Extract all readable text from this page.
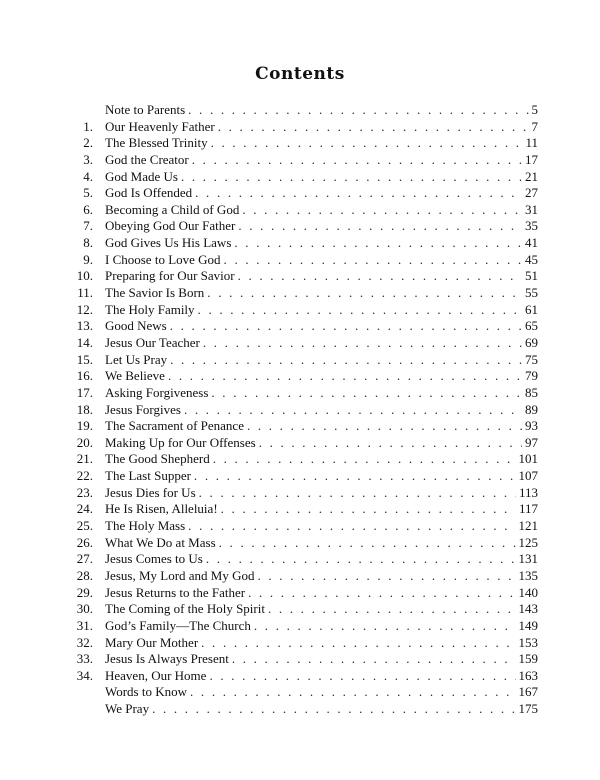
Contents
Note to Parents . . .	5
1. Our Heavenly Father . . .	7
2. The Blessed Trinity . . .	11
3. God the Creator . . .	17
4. God Made Us . . .	21
5. God Is Offended . . .	27
6. Becoming a Child of God . . .	31
7. Obeying God Our Father . . .	35
8. God Gives Us His Laws . . .	41
9. I Choose to Love God . . .	45
10. Preparing for Our Savior . . .	51
11. The Savior Is Born . . .	55
12. The Holy Family . . .	61
13. Good News . . .	65
14. Jesus Our Teacher . . .	69
15. Let Us Pray . . .	75
16. We Believe . . .	79
17. Asking Forgiveness . . .	85
18. Jesus Forgives . . .	89
19. The Sacrament of Penance . . .	93
20. Making Up for Our Offenses . . .	97
21. The Good Shepherd . . .	101
22. The Last Supper . . .	107
23. Jesus Dies for Us . . .	113
24. He Is Risen, Alleluia! . . .	117
25. The Holy Mass . . .	121
26. What We Do at Mass . . .	125
27. Jesus Comes to Us . . .	131
28. Jesus, My Lord and My God . . .	135
29. Jesus Returns to the Father . . .	140
30. The Coming of the Holy Spirit . . .	143
31. God’s Family—The Church . . .	149
32. Mary Our Mother . . .	153
33. Jesus Is Always Present . . .	159
34. Heaven, Our Home . . .	163
Words to Know . . .	167
We Pray . . .	175
